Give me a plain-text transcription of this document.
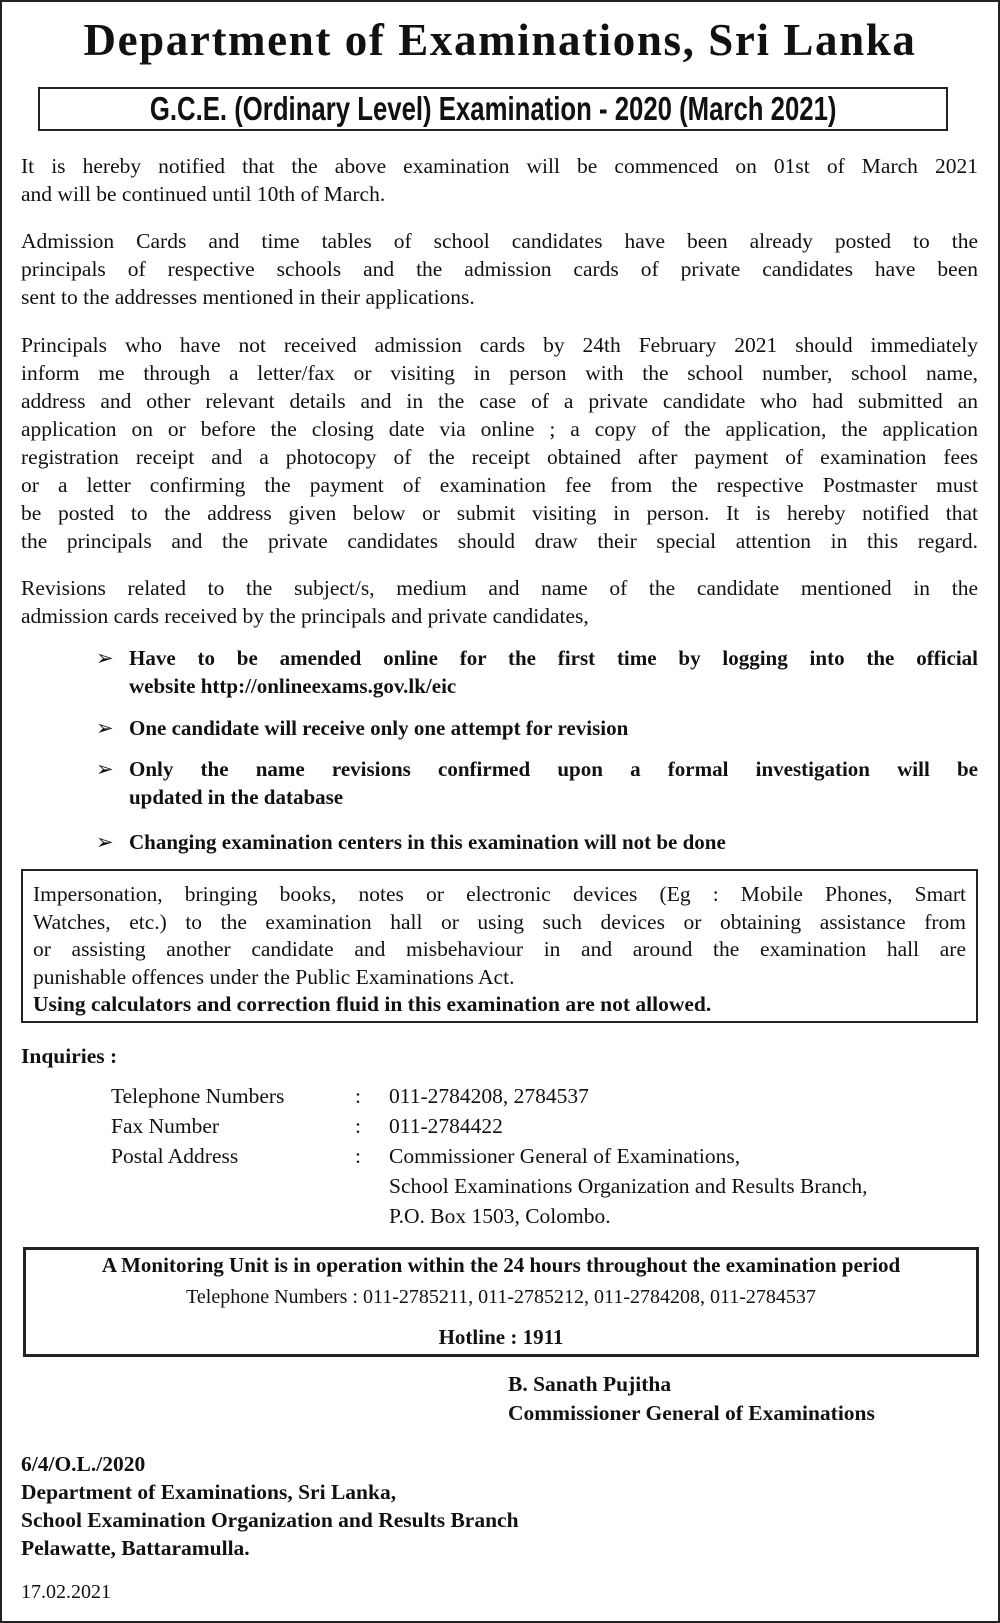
Department of Examinations, Sri Lanka
G.C.E. (Ordinary Level) Examination - 2020 (March 2021)
It is hereby notified that the above examination will be commenced on 01st of March 2021
and will be continued until 10th of March.
Admission Cards and time tables of school candidates have been already posted to the
principals of respective schools and the admission cards of private candidates have been
sent to the addresses mentioned in their applications.
Principals who have not received admission cards by 24th February 2021 should immediately
inform me through a letter/fax or visiting in person with the school number, school name,
address and other relevant details and in the case of a private candidate who had submitted an
application on or before the closing date via online ; a copy of the application, the application
registration receipt and a photocopy of the receipt obtained after payment of examination fees
or a letter confirming the payment of examination fee from the respective Postmaster must
be posted to the address given below or submit visiting in person. It is hereby notified that
the principals and the private candidates should draw their special attention in this regard.
Revisions related to the subject/s, medium and name of the candidate mentioned in the
admission cards received by the principals and private candidates,
➢ Have to be amended online for the first time by logging into the official
website http://onlineexams.gov.lk/eic
➢ One candidate will receive only one attempt for revision
➢ Only the name revisions confirmed upon a formal investigation will be
updated in the database
➢ Changing examination centers in this examination will not be done
Impersonation, bringing books, notes or electronic devices (Eg : Mobile Phones, Smart
Watches, etc.) to the examination hall or using such devices or obtaining assistance from
or assisting another candidate and misbehaviour in and around the examination hall are
punishable offences under the Public Examinations Act.
Using calculators and correction fluid in this examination are not allowed.
Inquiries :
Telephone Numbers	: 011-2784208, 2784537
Fax Number	: 011-2784422
Postal Address	: Commissioner General of Examinations,
School Examinations Organization and Results Branch,
P.O. Box 1503, Colombo.
A Monitoring Unit is in operation within the 24 hours throughout the examination period
Telephone Numbers : 011-2785211, 011-2785212, 011-2784208, 011-2784537
Hotline : 1911
B. Sanath Pujitha
Commissioner General of Examinations
6/4/O.L./2020
Department of Examinations, Sri Lanka,
School Examination Organization and Results Branch
Pelawatte, Battaramulla.
17.02.2021
